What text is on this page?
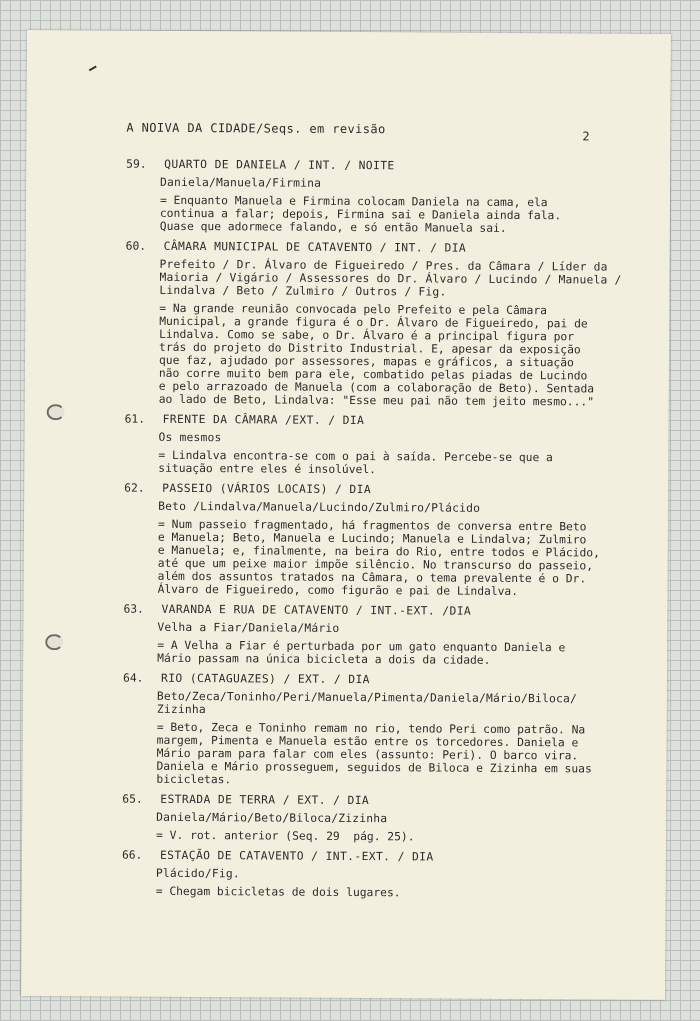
A NOIVA DA CIDADE/Seqs. em revisão
2
59.	QUARTO DE DANIELA / INT. / NOITE
Daniela/Manuela/Firmina
= Enquanto Manuela e Firmina colocam Daniela na cama, ela
continua a falar; depois, Firmina sai e Daniela ainda fala.
Quase que adormece falando, e só então Manuela sai.
60.	CÂMARA MUNICIPAL DE CATAVENTO / INT. / DIA
Prefeito / Dr. Álvaro de Figueiredo / Pres. da Câmara / Líder da
Maioria / Vigário / Assessores do Dr. Álvaro / Lucindo / Manuela /
Lindalva / Beto / Zulmiro / Outros / Fig.
= Na grande reunião convocada pelo Prefeito e pela Câmara
Municipal, a grande figura é o Dr. Álvaro de Figueiredo, pai de
Lindalva. Como se sabe, o Dr. Álvaro é a principal figura por
trás do projeto do Distrito Industrial. E, apesar da exposição
que faz, ajudado por assessores, mapas e gráficos, a situação
não corre muito bem para ele, combatido pelas piadas de Lucindo
e pelo arrazoado de Manuela (com a colaboração de Beto). Sentada
ao lado de Beto, Lindalva: "Esse meu pai não tem jeito mesmo..."
61.	FRENTE DA CÂMARA /EXT. / DIA
Os mesmos
= Lindalva encontra-se com o pai à saída. Percebe-se que a
situação entre eles é insolúvel.
62.	PASSEIO (VÁRIOS LOCAIS) / DIA
Beto /Lindalva/Manuela/Lucindo/Zulmiro/Plácido
= Num passeio fragmentado, há fragmentos de conversa entre Beto
e Manuela; Beto, Manuela e Lucindo; Manuela e Lindalva; Zulmiro
e Manuela; e, finalmente, na beira do Rio, entre todos e Plácido,
até que um peixe maior impõe silêncio. No transcurso do passeio,
além dos assuntos tratados na Câmara, o tema prevalente é o Dr.
Álvaro de Figueiredo, como figurão e pai de Lindalva.
63.	VARANDA E RUA DE CATAVENTO / INT.-EXT. /DIA
Velha a Fiar/Daniela/Mário
= A Velha a Fiar é perturbada por um gato enquanto Daniela e
Mário passam na única bicicleta a dois da cidade.
64.	RIO (CATAGUAZES) / EXT. / DIA
Beto/Zeca/Toninho/Peri/Manuela/Pimenta/Daniela/Mário/Biloca/
Zizinha
= Beto, Zeca e Toninho remam no rio, tendo Peri como patrão. Na
margem, Pimenta e Manuela estão entre os torcedores. Daniela e
Mário param para falar com eles (assunto: Peri). O barco vira.
Daniela e Mário prosseguem, seguidos de Biloca e Zizinha em suas
bicicletas.
65.	ESTRADA DE TERRA / EXT. / DIA
Daniela/Mário/Beto/Biloca/Zizinha
= V. rot. anterior (Seq. 29  pág. 25).
66.	ESTAÇÃO DE CATAVENTO / INT.-EXT. / DIA
Plácido/Fig.
= Chegam bicicletas de dois lugares.
